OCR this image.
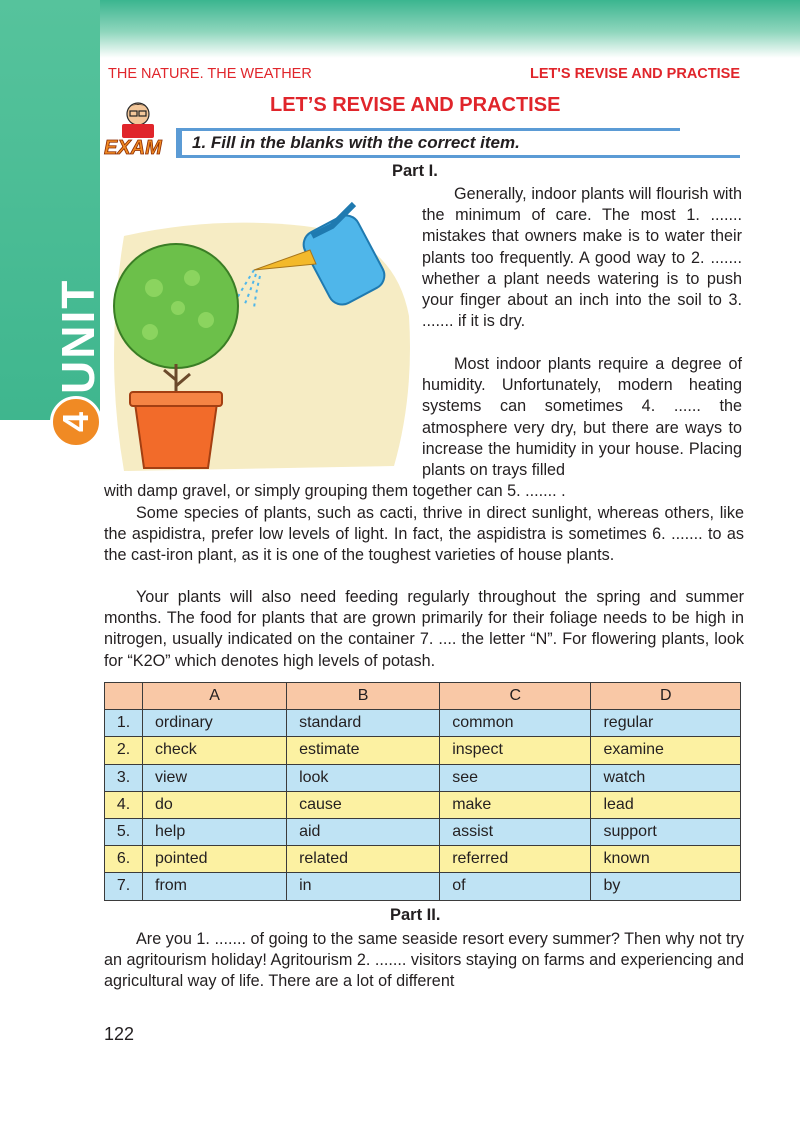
UNIT
4
THE NATURE. THE WEATHER	LET'S REVISE AND PRACTISE
LET’S REVISE AND PRACTISE
EXAM 1. Fill in the blanks with the correct item.
Part I.

Generally, indoor plants will flourish with the minimum of care. The most 1. ....... mistakes that owners make is to water their plants too frequently. A good way to 2. ....... whether a plant needs watering is to push your finger about an inch into the soil to 3. ....... if it is dry.

Most indoor plants require a degree of humidity. Unfortunately, modern heating systems can sometimes 4. ...... the atmosphere very dry, but there are ways to increase the humidity in your house. Placing plants on trays filled

with damp gravel, or simply grouping them together can 5. ....... .

Some species of plants, such as cacti, thrive in direct sunlight, whereas others, like the aspidistra, prefer low levels of light. In fact, the aspidistra is sometimes 6. ....... to as the cast-iron plant, as it is one of the toughest varieties of house plants.

Your plants will also need feeding regularly throughout the spring and summer months. The food for plants that are grown primarily for their foliage needs to be high in nitrogen, usually indicated on the container 7. .... the letter “N”. For flowering plants, look for “K2O” which denotes high levels of potash.

	A	B	C	D
1.	ordinary	standard	common	regular
2.	check	estimate	inspect	examine
3.	view	look	see	watch
4.	do	cause	make	lead
5.	help	aid	assist	support
6.	pointed	related	referred	known
7.	from	in	of	by
Part II.

Are you 1. ....... of going to the same seaside resort every summer? Then why not try an agritourism holiday! Agritourism 2. ....... visitors staying on farms and experiencing and agricultural way of life. There are a lot of different

122
